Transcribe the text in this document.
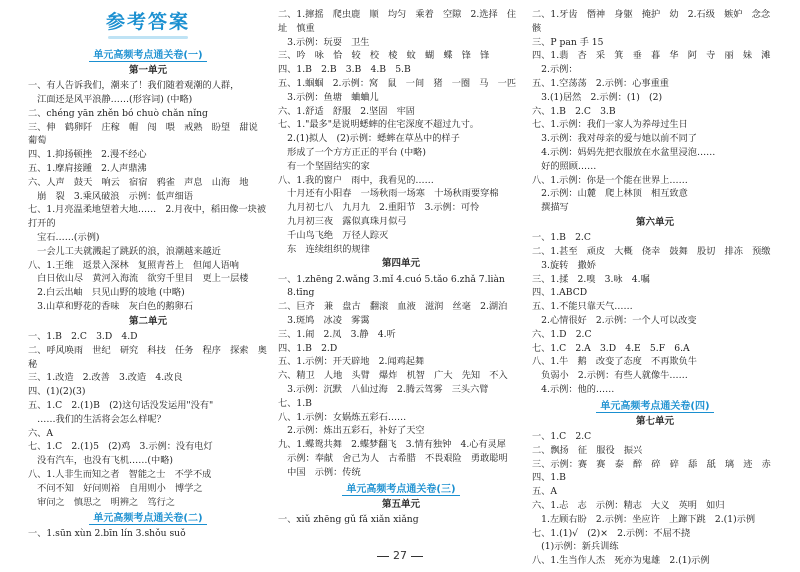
参考答案
单元高频考点通关卷(一)
第一单元
一、有人告诉我们，潮来了！我们随着观潮的人群，
　江面还是风平浪静……(形容词) (中略)
二、chéng yān zhěn bó chuò chǎn nǐng
三、伸　鹤卵阡　庄稼　帽　闯　喂　戒熟　盼望　甜说　葡萄
四、1.抑扬顿挫　2.漫不经心
五、1.摩肩接踵　2.人声鼎沸
六、人声　鼓天　响云　宿宿　鸦雀　声息　山海　地
　崩　裂　3.乘风破浪　示例：低声细语
七、1.月亮温柔地望着大地……　2.月夜中，稻田像一块被打开的
　宝石……(示例)
　一会儿工夫就溅起了跳跃的浪，浪潮越来越近
八、1.王维　返景入深林　复照青苔上　但闻人语响
　白日依山尽　黄河入海流　欲穷千里目　更上一层楼
　2.白云出岫　只见山野的坡地 (中略)
　3.山草和野花的香味　灰白色的鹅卵石
第二单元
一、1.B　2.C　3.D　4.D
二、呼风唤雨　世纪　研究　科技　任务　程序　探索　奥秘
三、1.改造　2.改善　3.改造　4.改良
四、(1)(2)(3)
五、1.C　2.(1)B　(2)这句话没发运用"没有"
　……我们的生活将会怎么样呢？
六、A
七、1.C　2.(1)5　(2)鸡　3.示例：没有电灯
　没有汽车，也没有飞机……(中略)
八、1.人非生而知之者　智能之士　不学不成
　不问不知　好问则裕　自用则小　博学之
　审问之　慎思之　明辨之　笃行之
单元高频考点通关卷(二)
一、1.sūn xùn 2.bīn lín 3.shǒu suǒ
二、1.撺摇　爬虫鹿　顺　均匀　乘着　空隙　2.选择　住址　慎重
　3.示例：玩耍　卫生
三、吟　咏　恰　较　校　棱　蚊　蝴　蝶　锋　锋
四、1.B　2.B　3.B　4.B　5.B
五、1.蝈蝈　2.示例：窝　鼠　一间　猪　一圈　马　一匹
　3.示例：鱼塘　蛐蛐儿
六、1.舒适　舒服　2.坚固　牢固
七、1."最多"是说明蟋蟀的住宅深度不超过九寸。
　2.(1)拟人　(2)示例：蟋蟀在草丛中的样子
　形成了一个方方正正的平台 (中略)
　有一个坚固结实的家
八、1.我的窗户　雨中，我看见的……
　十月还有小阳春　一场秋雨一场寒　十场秋雨要穿棉
　九月初七八　九月九　2.重阳节　3.示例：可怜
　九月初三夜　露似真珠月似弓
　千山鸟飞绝　万径人踪灭
　东　连续组织的规律
第四单元
一、1.zhēng 2.wǎng 3.mǐ 4.cuó 5.tǎo 6.zhǎ 7.liàn
　8.tīng
二、巨齐　兼　盘古　翻滚　血液　滋润　丝毫　2.湖泊
　3.斑鸠　冰凌　雾霭
三、1.闹　2.凤　3.静　4.听
四、1.B　2.D
五、1.示例：开天辟地　2.闻鸡起舞
六、精卫　人地　头臂　爆炸　机智　广大　先知　不入
　3.示例：沉默　八仙过海　2.腾云驾雾　三头六臂
七、1.B
八、1.示例：女娲炼五彩石……
　2.示例：炼出五彩石，补好了天空
九、1.蝶鸳共舞　2.蝶梦翻飞　3.情有独钟　4.心有灵犀
　示例：奉献　舍己为人　古希腊　不畏艰险　勇敢聪明
　中国　示例：传统
单元高频考点通关卷(三)
第五单元
一、xiǔ zhēng gǔ fǎ xiǎn xiǎng
二、1.牙齿　僭神　身躯　掩护　幼　2.石级　嫉妒　念念　骸
三、P pan 手 15
四、1.翡　杏　采　箕　垂　暮　华　阿　寺　丽　妹　滩
　2.示例：
五、1.空荡荡　2.示例：心事重重
　3.(1)居然　2.示例：(1)　(2)
六、1.B　2.C　3.B
七、1.示例：我们一家人为养母过生日
　3.示例：我对母亲的爱与她以前不同了
　4.示例：妈妈先把衣服放在水盆里浸泡……
　好的照顾……
八、1.示例：你是一个能在世界上……
　2.示例：山麓　爬上林顶　相互致意
　撰描写
第六单元
一、1.B　2.C
二、1.甚至　顽皮　大概　侥幸　鼓舞　股切　排冻　预缴
　3.旋转　撒娇
三、1.揉　2.嗅　3.咏　4.嘱
四、1.ABCD
五、1.不能只靠天气……
　2.心情很好　2.示例：一个人可以改变
六、1.D　2.C
七、1.C　2.A　3.D　4.E　5.F　6.A
八、1.牛　鹅　改变了态度　不再欺负牛
　负弱小　2.示例：有些人就像牛……
　4.示例：他的……
单元高频考点通关卷(四)
第七单元
一、1.C　2.C
二、飘扬　征　服役　振兴
三、示例：赛　赛　泰　醉　碎　碎　舔　舐　璃　迹　赤
四、1.B
五、A
六、1.忐　志　示例：精志　大义　英明　如归
　1.左顾右盼　2.示例：坐应许　上蹿下跳　2.(1)示例
七、1.(1)√　(2)×　2.示例：不屈不挠
　(1)示例：新兵训练
八、1.生当作人杰　死亦为鬼雄　2.(1)示例
27
